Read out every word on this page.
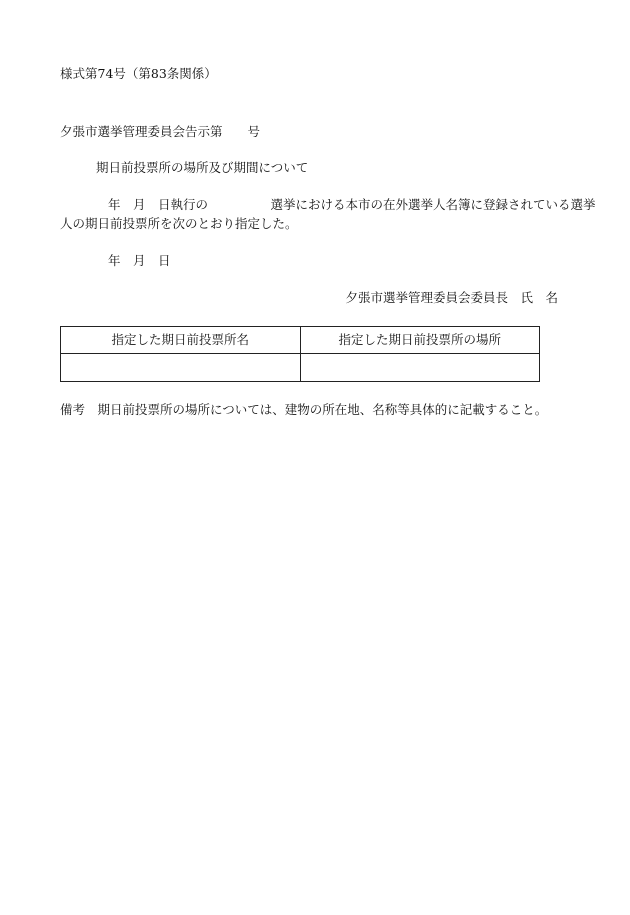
様式第74号（第83条関係）

夕張市選挙管理委員会告示第　　号

期日前投票所の場所及び期間について

年　月　日執行の　　　　　選挙における本市の在外選挙人名簿に登録されている選挙

人の期日前投票所を次のとおり指定した。

年　月　日

夕張市選挙管理委員会委員長　氏　名

指定した期日前投票所名	指定した期日前投票所の場所

備考　期日前投票所の場所については、建物の所在地、名称等具体的に記載すること。
